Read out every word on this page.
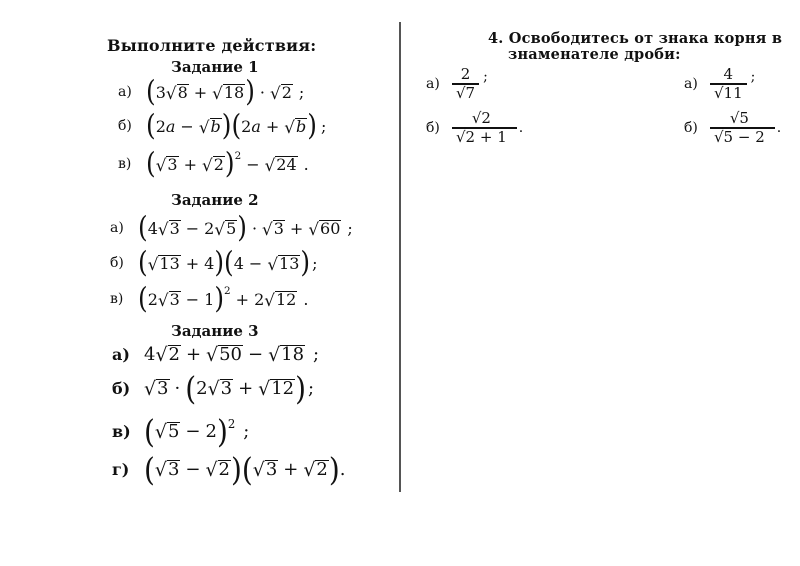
Выполните действия:
Задание 1
а) ( 3 √ 8 + √ 18 ) · √ 2 ;
б) ( 2 a − √ b ) ( 2 a + √ b ) ;
в) ( √ 3 + √ 2 ) 2 − √ 24 .
Задание 2
а) ( 4 √ 3 − 2 √ 5 ) · √ 3 + √ 60 ;
б) ( √ 13 + 4 ) ( 4 − √ 13 ) ;
в) ( 2 √ 3 − 1 ) 2 + 2 √ 12 .
Задание 3
а) 4 √ 2 + √ 50 − √ 18 ;
б) √ 3 · ( 2 √ 3 + √ 12 ) ;
в) ( √ 5 − 2 ) 2 ;
г) ( √ 3 − √ 2 ) ( √ 3 + √ 2 ) .
4. Освободитесь от знака корня в
знаменателе дроби:
$а) \frac{2}{√7}$ ;
$б) \frac{√2}{√2 + 1}$ .
$а) \frac{4}{√11}$ ;
$б) \frac{√5}{√5 - 2}$ .
